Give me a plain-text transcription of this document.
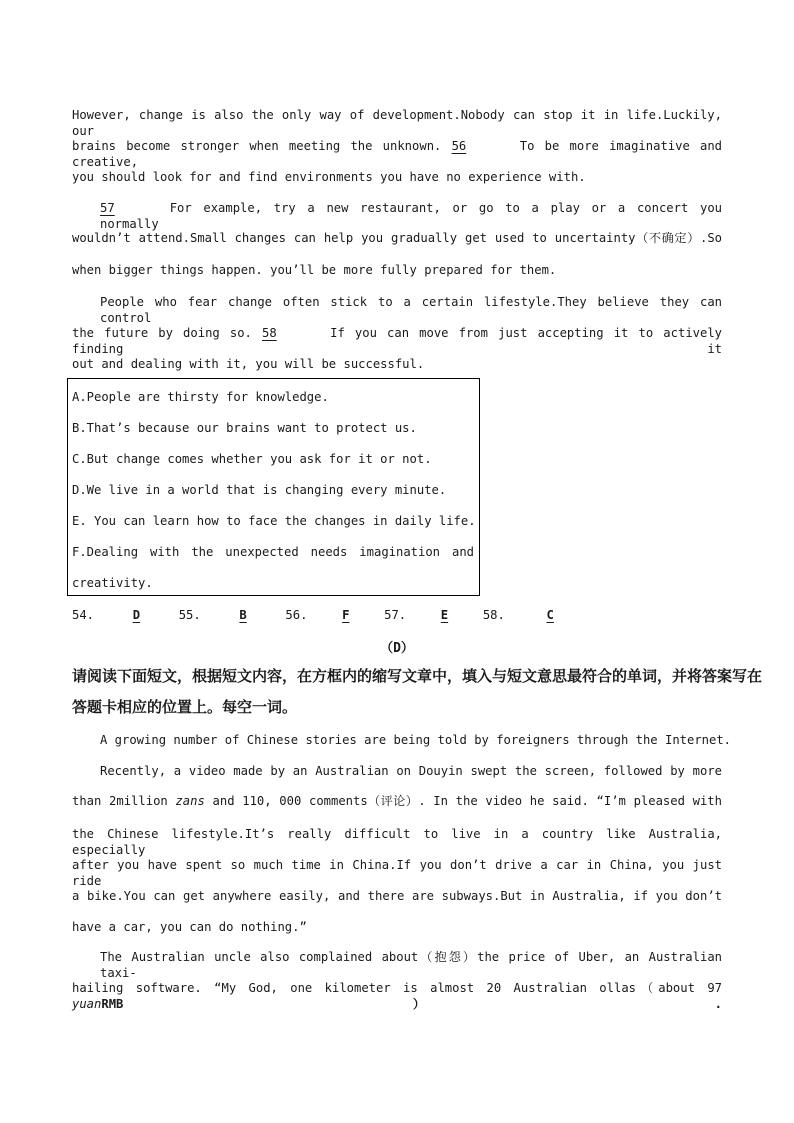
However, change is also the only way of development.Nobody can stop it in life.Luckily, our
brains become stronger when meeting the unknown. 56	To be more imaginative and creative,
you should look for and find environments you have no experience with.
57	For example, try a new restaurant, or go to a play or a concert you normally
wouldn’t attend.Small changes can help you gradually get used to uncertainty（不确定）.So
when bigger things happen. you’ll be more fully prepared for them.
People who fear change often stick to a certain lifestyle.They believe they can control
the future by doing so. 58	If you can move from just accepting it to actively finding it
out and dealing with it, you will be successful.
A.People are thirsty for knowledge.
B.That’s because our brains want to protect us.
C.But change comes whether you ask for it or not.
D.We live in a world that is changing every minute.
E. You can learn how to face the changes in daily life.
F.Dealing with the unexpected needs imagination and
creativity.
54.	D	55.	B	56.	F	57.	E	58.	C
（D）
请阅读下面短文，根据短文内容，在方框内的缩写文章中，填入与短文意思最符合的单词，并将答案写在
答题卡相应的位置上。每空一词。
A growing number of Chinese stories are being told by foreigners through the Internet.
Recently, a video made by an Australian on Douyin swept the screen, followed by more
than 2million zans and 110, 000 comments（评论）. In the video he said. “I’m pleased with
the Chinese lifestyle.It’s really difficult to live in a country like Australia, especially
after you have spent so much time in China.If you don’t drive a car in China, you just ride
a bike.You can get anywhere easily, and there are subways.But in Australia, if you don’t
have a car, you can do nothing.”
The Australian uncle also complained about（抱怨）the price of Uber, an Australian taxi-
hailing software. “My God, one kilometer is almost 20 Australian ollas（about 97 yuanRMB）.
